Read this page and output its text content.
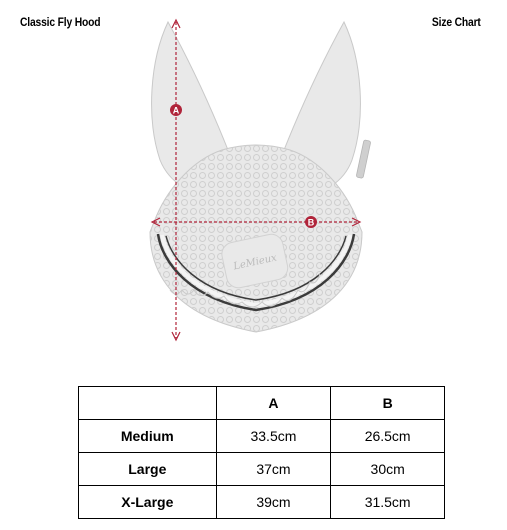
Classic Fly Hood	Size Chart
LeMieux
A
B
	A	B
Medium	33.5cm	26.5cm
Large	37cm	30cm
X-Large	39cm	31.5cm
